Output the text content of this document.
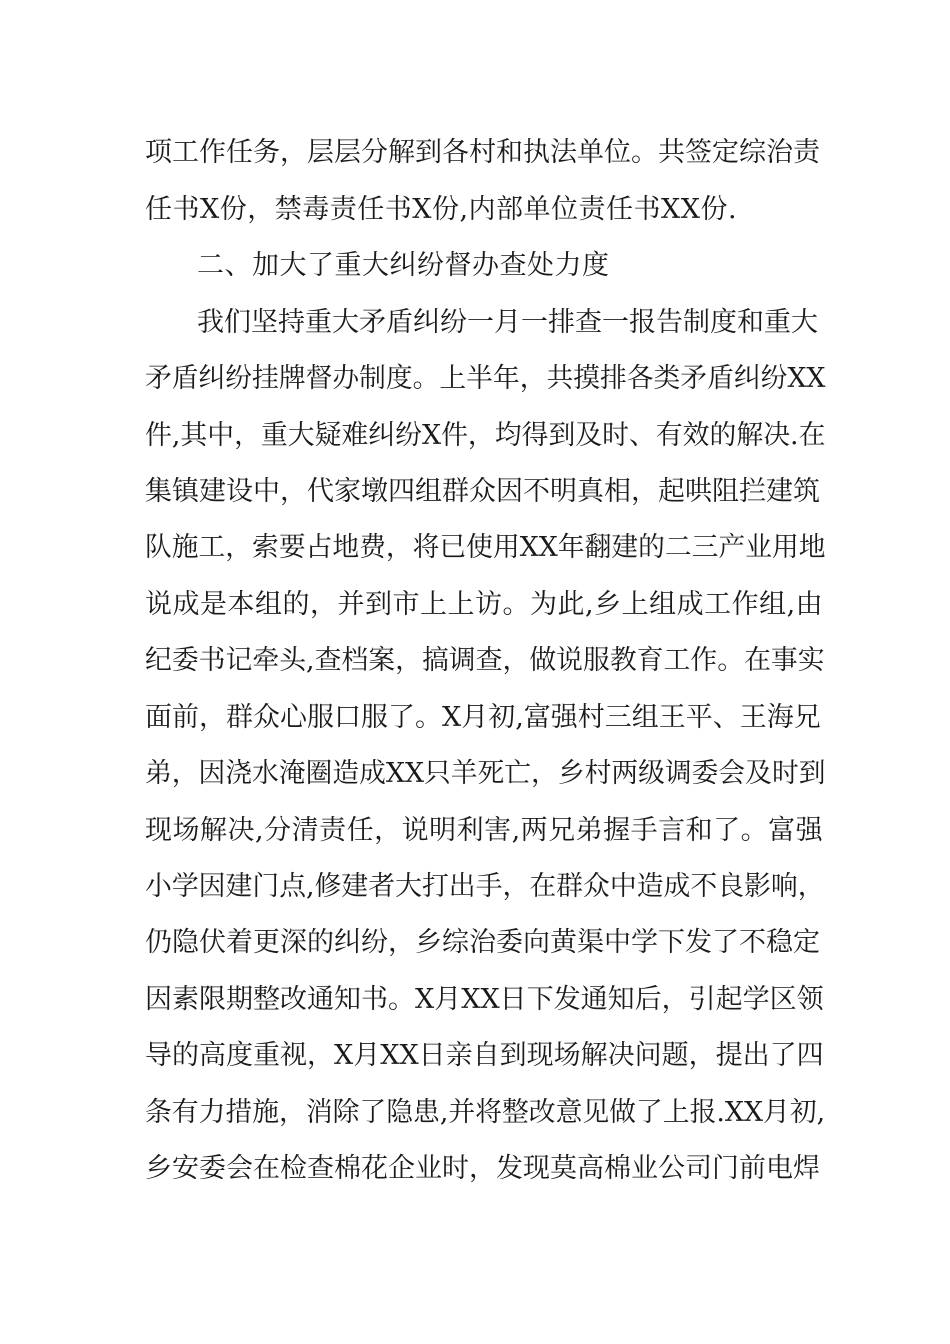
项工作任务，层层分解到各村和执法单位。共签定综治责
任书X份，禁毒责任书X份,内部单位责任书XX份.
二、加大了重大纠纷督办查处力度
我们坚持重大矛盾纠纷一月一排查一报告制度和重大
矛盾纠纷挂牌督办制度。上半年，共摸排各类矛盾纠纷XX
件,其中，重大疑难纠纷X件，均得到及时、有效的解决.在
集镇建设中，代家墩四组群众因不明真相，起哄阻拦建筑
队施工，索要占地费，将已使用XX年翻建的二三产业用地
说成是本组的，并到市上上访。为此,乡上组成工作组,由
纪委书记牵头,查档案，搞调查，做说服教育工作。在事实
面前，群众心服口服了。X月初,富强村三组王平、王海兄
弟，因浇水淹圈造成XX只羊死亡，乡村两级调委会及时到
现场解决,分清责任，说明利害,两兄弟握手言和了。富强
小学因建门点,修建者大打出手，在群众中造成不良影响，
仍隐伏着更深的纠纷，乡综治委向黄渠中学下发了不稳定
因素限期整改通知书。X月XX日下发通知后，引起学区领
导的高度重视，X月XX日亲自到现场解决问题，提出了四
条有力措施，消除了隐患,并将整改意见做了上报.XX月初,
乡安委会在检查棉花企业时，发现莫高棉业公司门前电焊
